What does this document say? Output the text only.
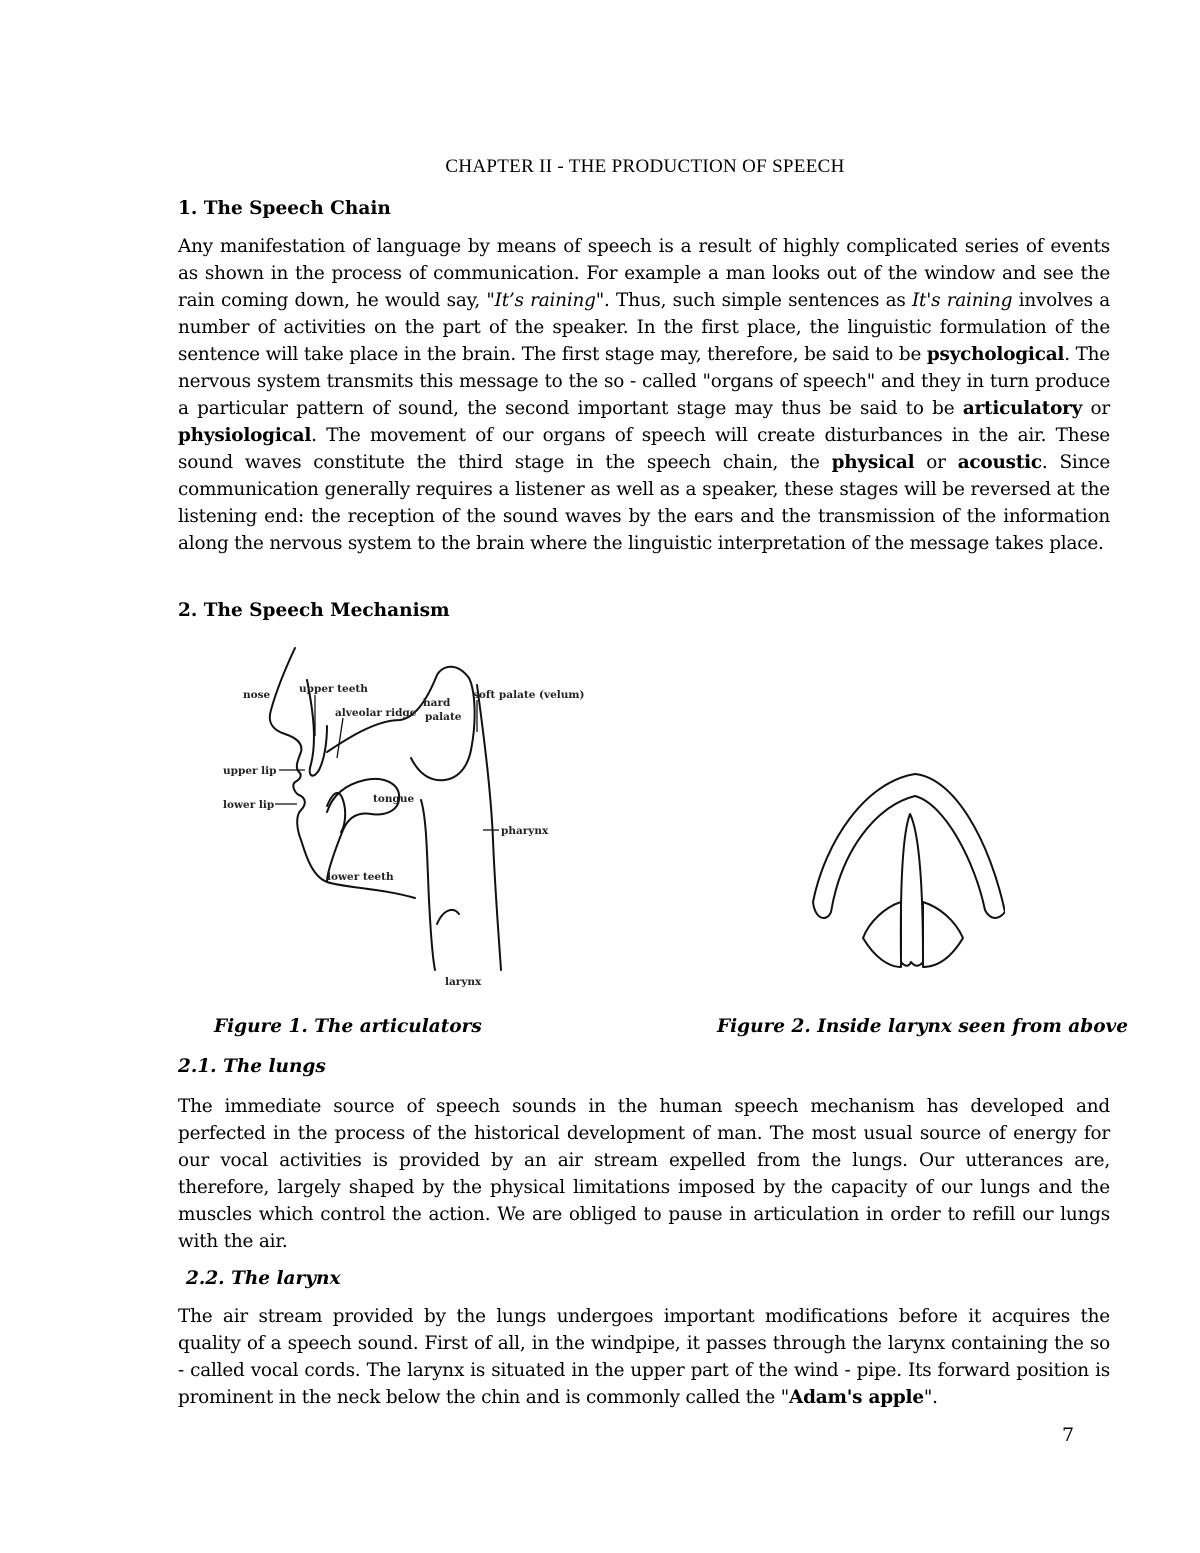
CHAPTER II - THE PRODUCTION OF SPEECH
1. The Speech Chain
Any manifestation of language by means of speech is a result of highly complicated series of events as shown in the process of communication. For example a man looks out of the window and see the rain coming down, he would say, "It’s raining". Thus, such simple sentences as It's raining involves a number of activities on the part of the speaker. In the first place, the linguistic formulation of the sentence will take place in the brain. The first stage may, therefore, be said to be psychological. The nervous system transmits this message to the so - called "organs of speech" and they in turn produce a particular pattern of sound, the second important stage may thus be said to be articulatory or physiological. The movement of our organs of speech will create disturbances in the air. These sound waves constitute the third stage in the speech chain, the physical or acoustic. Since communication generally requires a listener as well as a speaker, these stages will be reversed at the listening end: the reception of the sound waves by the ears and the transmission of the information along the nervous system to the brain where the linguistic interpretation of the message takes place.
2. The Speech Mechanism
nose	upper teeth
alveolar ridge
hard
palate
soft palate (velum)
upper lip
lower lip	tongue
pharynx
lower teeth
larynx
Figure 1. The articulators	Figure 2. Inside larynx seen from above
2.1. The lungs
The immediate source of speech sounds in the human speech mechanism has developed and perfected in the process of the historical development of man. The most usual source of energy for our vocal activities is provided by an air stream expelled from the lungs. Our utterances are, therefore, largely shaped by the physical limitations imposed by the capacity of our lungs and the muscles which control the action. We are obliged to pause in articulation in order to refill our lungs with the air.
2.2. The larynx
The air stream provided by the lungs undergoes important modifications before it acquires the quality of a speech sound. First of all, in the windpipe, it passes through the larynx containing the so - called vocal cords. The larynx is situated in the upper part of the wind - pipe. Its forward position is prominent in the neck below the chin and is commonly called the "Adam's apple".
7
